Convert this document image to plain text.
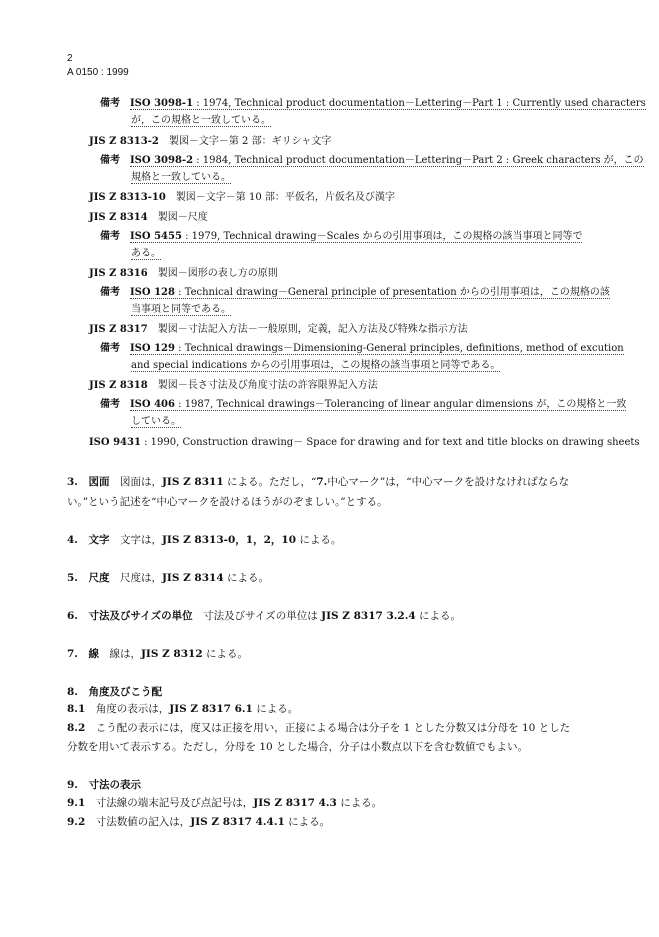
2
A 0150 : 1999
備考　 ISO 3098-1 : 1974, Technical product documentation－Lettering－Part 1 : Currently used characters
が，この規格と一致している。
JIS Z 8313-2　 製図－文字－第 2 部：ギリシャ文字
備考　 ISO 3098-2 : 1984, Technical product documentation－Lettering－Part 2 : Greek characters が，この
規格と一致している。
JIS Z 8313-10　 製図－文字－第 10 部：平仮名，片仮名及び漢字
JIS Z 8314　 製図－尺度
備考　 ISO 5455 : 1979, Technical drawing－Scales からの引用事項は，この規格の該当事項と同等で
ある。
JIS Z 8316　 製図－図形の表し方の原則
備考　 ISO 128 : Technical drawing－General principle of presentation からの引用事項は，この規格の該
当事項と同等である。
JIS Z 8317　 製図－寸法記入方法－一般原則，定義，記入方法及び特殊な指示方法
備考　 ISO 129 : Technical drawings－Dimensioning-General principles, definitions, method of excution
and special indications からの引用事項は，この規格の該当事項と同等である。
JIS Z 8318　 製図－長さ寸法及び角度寸法の許容限界記入方法
備考　 ISO 406 : 1987, Technical drawings－Tolerancing of linear angular dimensions が，この規格と一致
している。
ISO 9431 : 1990, Construction drawing－ Space for drawing and for text and title blocks on drawing sheets
3.　 図面　 図面は，JIS Z 8311 による。ただし，“7.中心マーク”は，“中心マークを設けなければならな
い。”という記述を“中心マークを設けるほうがのぞましい。”とする。
4.　 文字　 文字は，JIS Z 8313-0，1，2，10 による。
5.　 尺度　 尺度は，JIS Z 8314 による。
6.　 寸法及びサイズの単位　 寸法及びサイズの単位は JIS Z 8317 3.2.4 による。
7.　 線　 線は，JIS Z 8312 による。
8.　 角度及びこう配
8.1　 角度の表示は，JIS Z 8317 6.1 による。
8.2　 こう配の表示には，度又は正接を用い，正接による場合は分子を 1 とした分数又は分母を 10 とした
分数を用いて表示する。ただし，分母を 10 とした場合，分子は小数点以下を含む数値でもよい。
9.　 寸法の表示
9.1　 寸法線の端末記号及び点記号は，JIS Z 8317 4.3 による。
9.2　 寸法数値の記入は，JIS Z 8317 4.4.1 による。
